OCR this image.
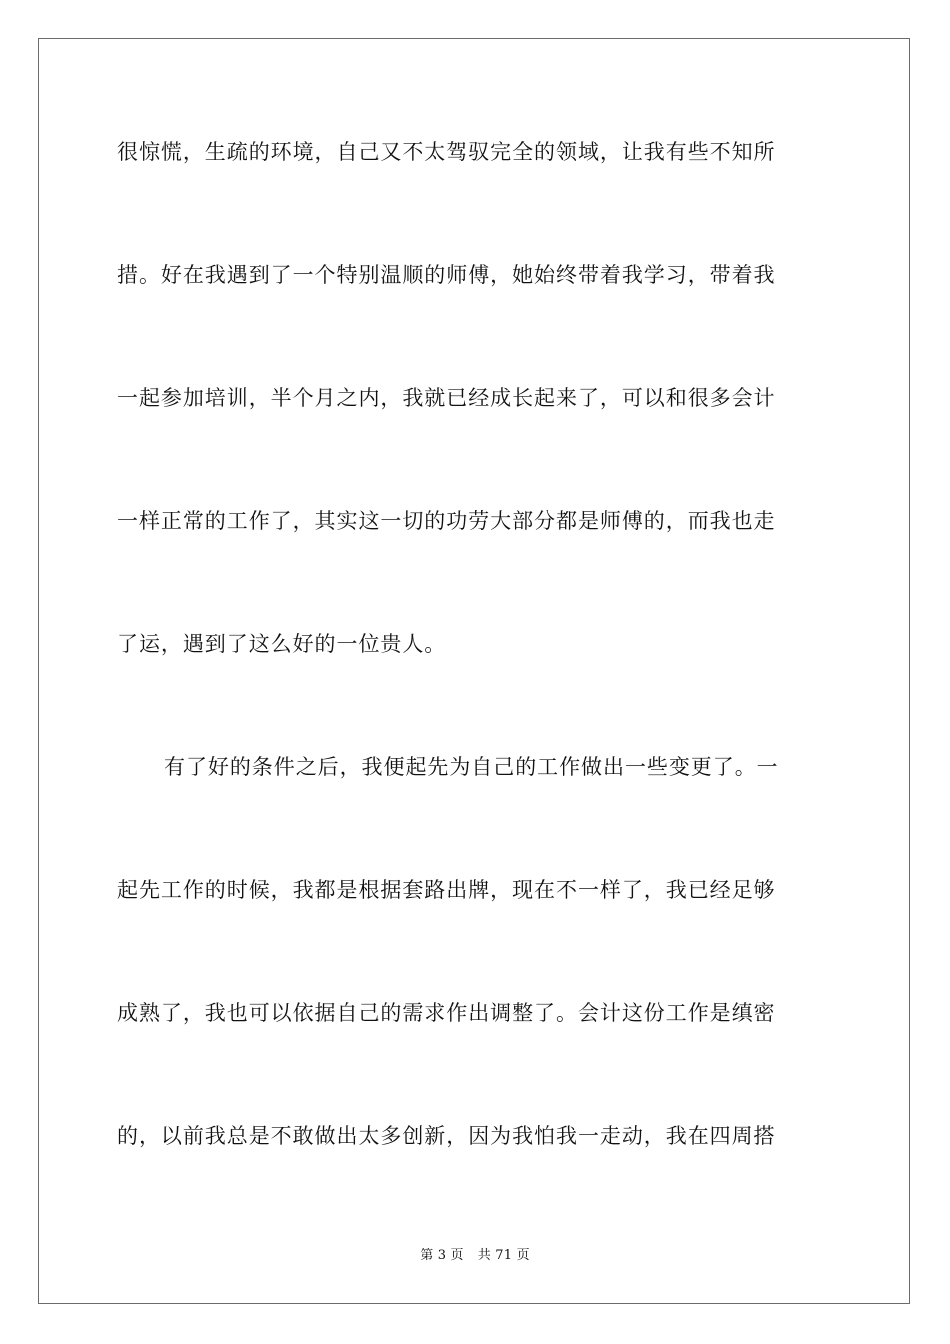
很惊慌，生疏的环境，自己又不太驾驭完全的领域，让我有些不知所
措。好在我遇到了一个特别温顺的师傅，她始终带着我学习，带着我
一起参加培训，半个月之内，我就已经成长起来了，可以和很多会计
一样正常的工作了，其实这一切的功劳大部分都是师傅的，而我也走
了运，遇到了这么好的一位贵人。
有了好的条件之后，我便起先为自己的工作做出一些变更了。一
起先工作的时候，我都是根据套路出牌，现在不一样了，我已经足够
成熟了，我也可以依据自己的需求作出调整了。会计这份工作是缜密
的，以前我总是不敢做出太多创新，因为我怕我一走动，我在四周搭
第 3 页 共 71 页
